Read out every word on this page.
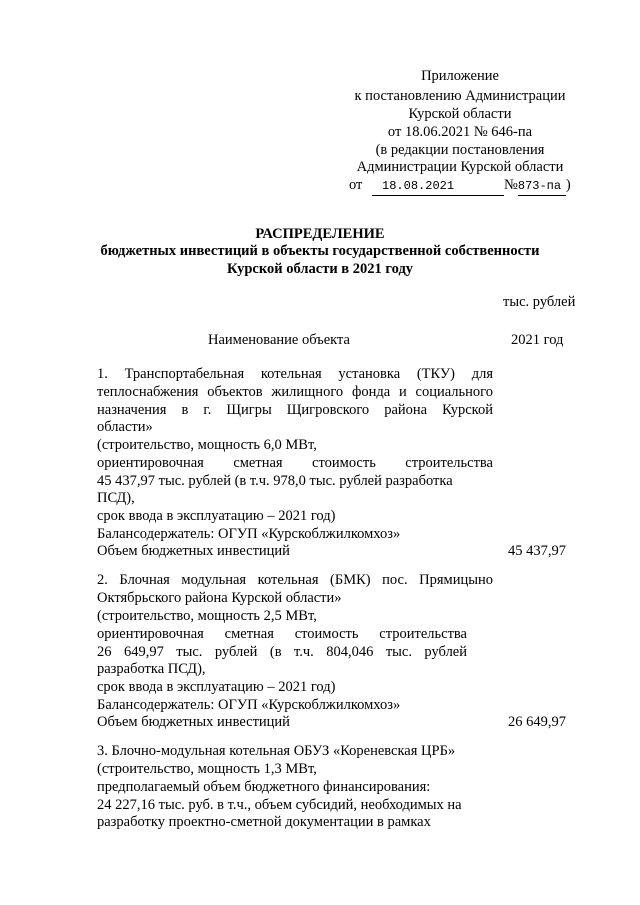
Приложение
к постановлению Администрации
Курской области
от 18.06.2021 № 646-па
(в редакции постановления
Администрации Курской области
от 18.08.2021	№873-па )
РАСПРЕДЕЛЕНИЕ
бюджетных инвестиций в объекты государственной собственности
Курской области в 2021 году
тыс. рублей
Наименование объекта	2021 год
1. Транспортабельная котельная установка (ТКУ) для
теплоснабжения объектов жилищного фонда и социального
назначения в г. Щигры Щигровского района Курской
области»
(строительство, мощность 6,0 МВт,
ориентировочная сметная стоимость строительства
45 437,97 тыс. рублей (в т.ч. 978,0 тыс. рублей разработка
ПСД),
срок ввода в эксплуатацию – 2021 год)
Балансодержатель: ОГУП «Курскоблжилкомхоз»
Объем бюджетных инвестиций	45 437,97
2. Блочная модульная котельная (БМК) пос. Прямицыно
Октябрьского района Курской области»
(строительство, мощность 2,5 МВт,
ориентировочная сметная стоимость строительства
26 649,97 тыс. рублей (в т.ч. 804,046 тыс. рублей
разработка ПСД),
срок ввода в эксплуатацию – 2021 год)
Балансодержатель: ОГУП «Курскоблжилкомхоз»
Объем бюджетных инвестиций	26 649,97
3. Блочно-модульная котельная ОБУЗ «Кореневская ЦРБ»
(строительство, мощность 1,3 МВт,
предполагаемый объем бюджетного финансирования:
24 227,16 тыс. руб. в т.ч., объем субсидий, необходимых на
разработку проектно-сметной документации в рамках
